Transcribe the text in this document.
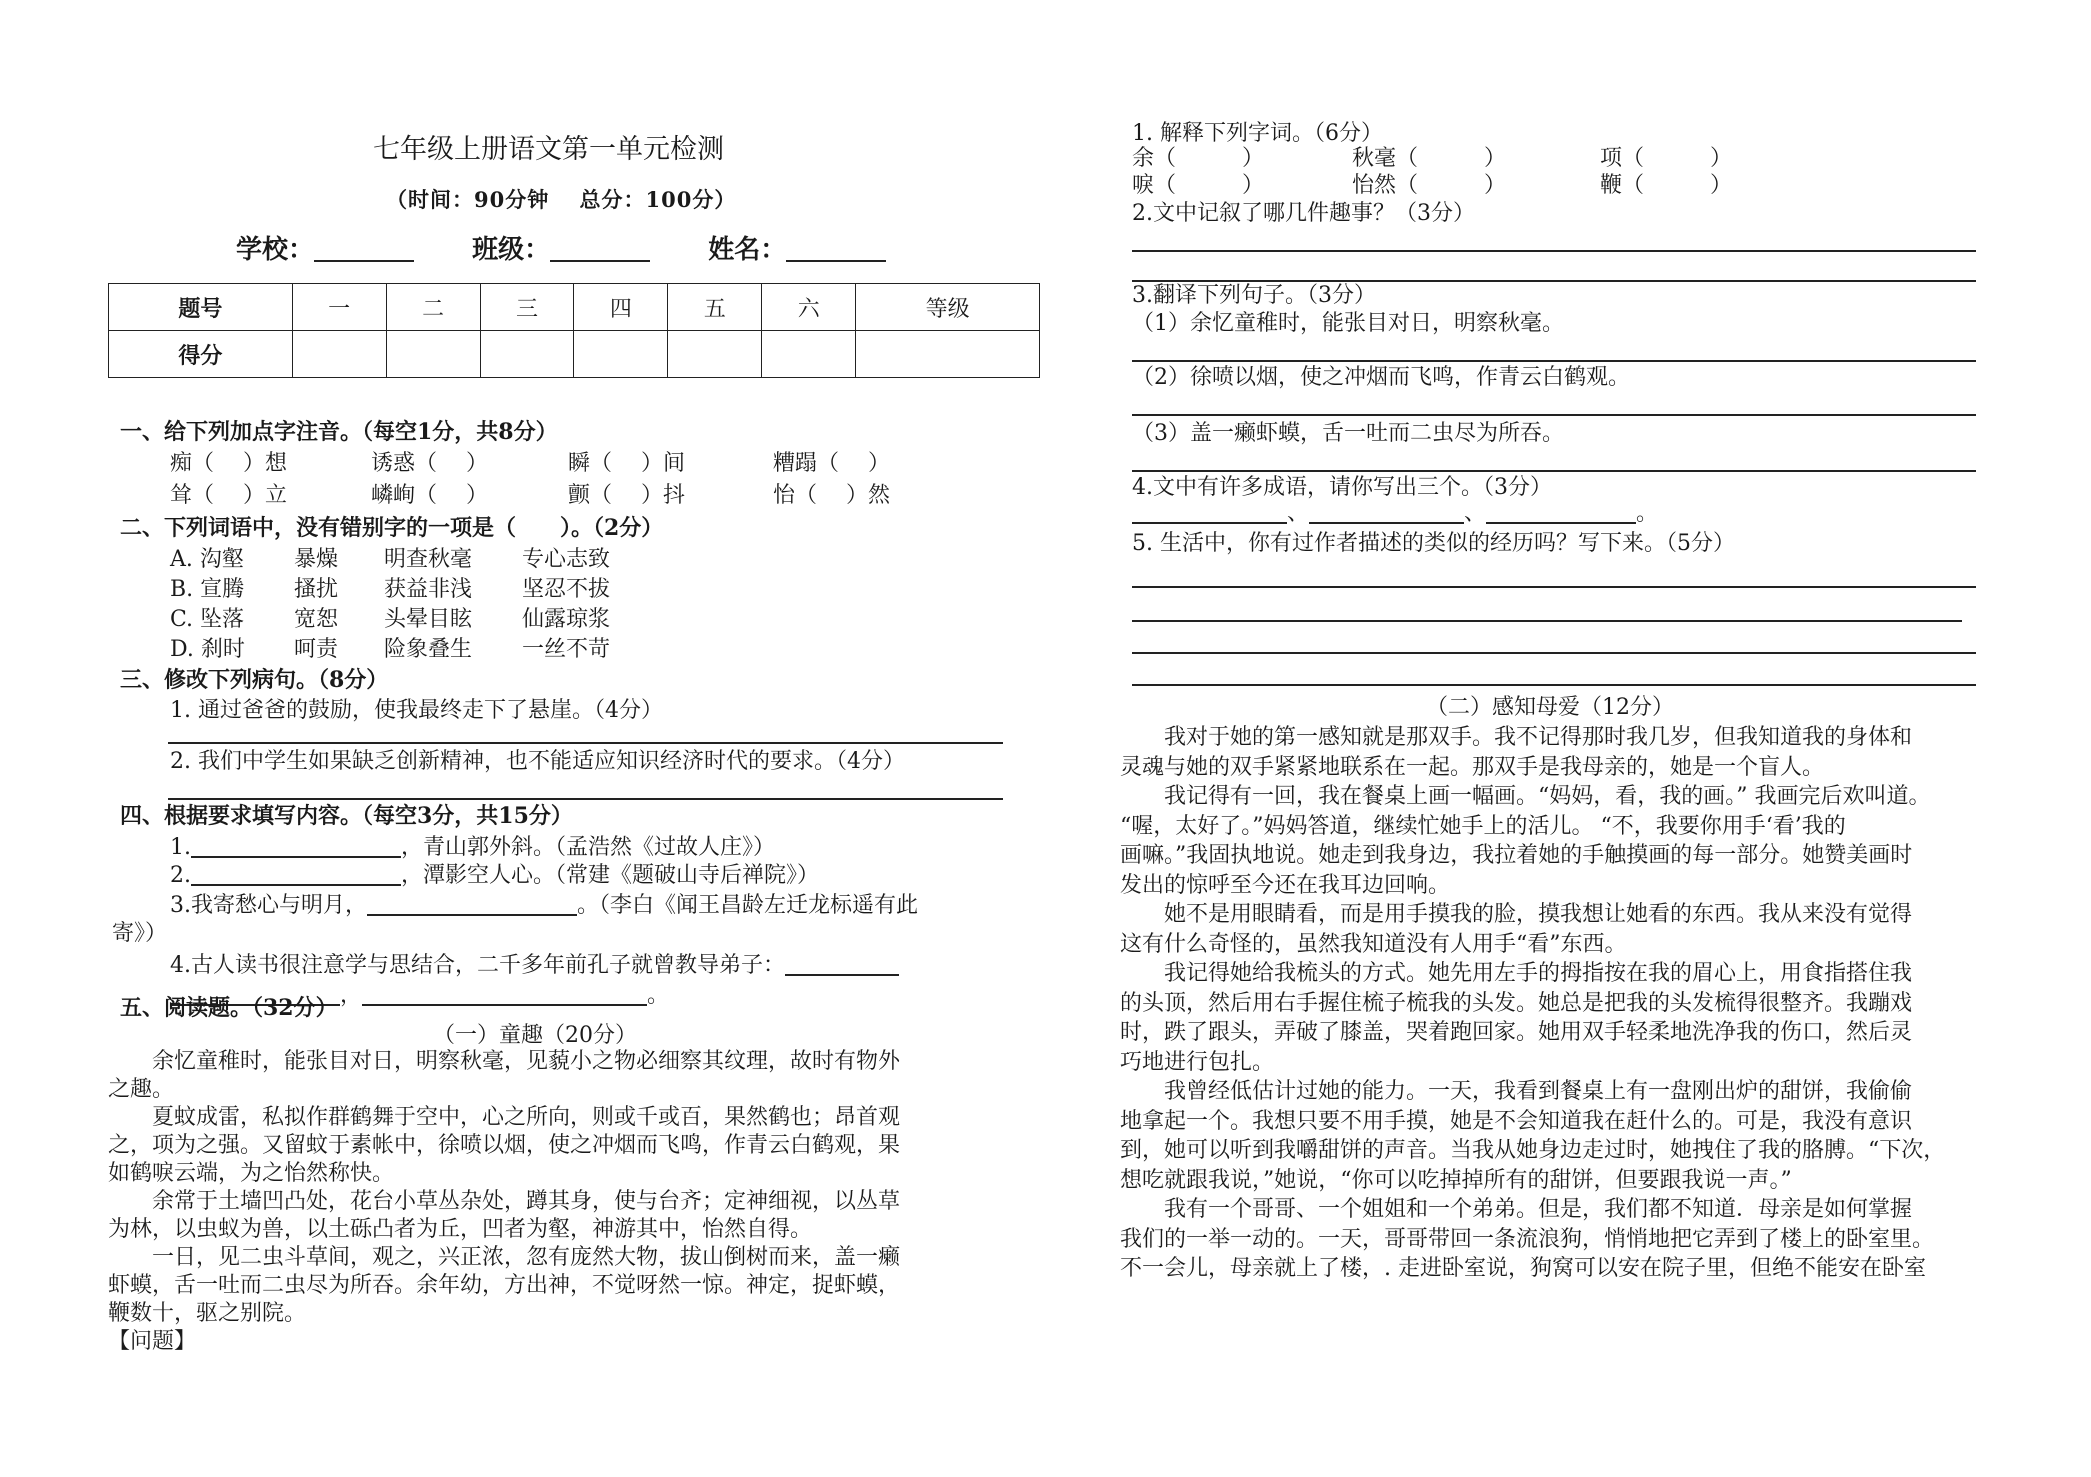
七年级上册语文第一单元检测
（时间：90分钟　 总分：100分）
学校：	班级：	姓名：
题号	一	二	三	四	五	六	等级
得分							
一、给下列加点字注音。（每空1分，共8分）
痴（　 ）想	诱惑（　 ）	瞬（　 ）间	糟蹋（　 ）
耸（　 ）立	嶙峋（　 ）	颤（　 ）抖	怡（　 ）然
二、下列词语中，没有错别字的一项是（　　）。（2分）
A. 沟壑 暴燥 明查秋毫 专心志致
B. 宣腾 搔扰 获益非浅 坚忍不拔
C. 坠落 宽恕 头晕目眩 仙露琼浆
D. 刹时 呵责 险象叠生 一丝不苛
三、修改下列病句。（8分）
1. 通过爸爸的鼓励，使我最终走下了悬崖。（4分）
2. 我们中学生如果缺乏创新精神，也不能适应知识经济时代的要求。（4分）
四、根据要求填写内容。（每空3分，共15分）
1.	，青山郭外斜。（孟浩然《过故人庄》）
2.	，潭影空人心。（常建《题破山寺后禅院》）
3.我寄愁心与明月，	。（李白《闻王昌龄左迁龙标遥有此
寄》）
4.古人读书很注意学与思结合，二千多年前孔子就曾教导弟子：
，	。
五、阅读题。（32分）
（一）童趣（20分）

余忆童稚时，能张目对日，明察秋毫，见藐小之物必细察其纹理，故时有物外

之趣。

夏蚊成雷，私拟作群鹤舞于空中，心之所向，则或千或百，果然鹤也；昂首观

之，项为之强。又留蚊于素帐中，徐喷以烟，使之冲烟而飞鸣，作青云白鹤观，果

如鹤唳云端，为之怡然称快。

余常于土墙凹凸处，花台小草丛杂处，蹲其身，使与台齐；定神细视，以丛草

为林，以虫蚁为兽，以土砾凸者为丘，凹者为壑，神游其中，怡然自得。

一日，见二虫斗草间，观之，兴正浓，忽有庞然大物，拔山倒树而来，盖一癞

虾蟆，舌一吐而二虫尽为所吞。余年幼，方出神，不觉呀然一惊。神定，捉虾蟆，

鞭数十，驱之别院。

【问题】

1. 解释下列字词。（6分）
余（　　　）	秋毫（　　　）	项（　　　）
唳（　　　）	怡然（　　　）	鞭（　　　）
2.文中记叙了哪几件趣事？（3分）
3.翻译下列句子。（3分）
（1）余忆童稚时，能张目对日，明察秋毫。
（2）徐喷以烟，使之冲烟而飞鸣，作青云白鹤观。
（3）盖一癞虾蟆，舌一吐而二虫尽为所吞。
4.文中有许多成语，请你写出三个。（3分）
、	、	。
5. 生活中，你有过作者描述的类似的经历吗？写下来。（5分）
（二）感知母爱（12分）

我对于她的第一感知就是那双手。我不记得那时我几岁，但我知道我的身体和

灵魂与她的双手紧紧地联系在一起。那双手是我母亲的，她是一个盲人。

我记得有一回，我在餐桌上画一幅画。“妈妈，看，我的画。” 我画完后欢叫道。

“喔，太好了。”妈妈答道，继续忙她手上的活儿。 “不，我要你用手‘看’我的

画嘛。”我固执地说。她走到我身边，我拉着她的手触摸画的每一部分。她赞美画时

发出的惊呼至今还在我耳边回响。

她不是用眼睛看，而是用手摸我的脸，摸我想让她看的东西。我从来没有觉得

这有什么奇怪的，虽然我知道没有人用手“看”东西。

我记得她给我梳头的方式。她先用左手的拇指按在我的眉心上，用食指搭住我

的头顶，然后用右手握住梳子梳我的头发。她总是把我的头发梳得很整齐。我蹦戏

时，跌了跟头，弄破了膝盖，哭着跑回家。她用双手轻柔地洗净我的伤口，然后灵

巧地进行包扎。

我曾经低估计过她的能力。一天，我看到餐桌上有一盘刚出炉的甜饼，我偷偷

地拿起一个。我想只要不用手摸，她是不会知道我在赶什么的。可是，我没有意识

到，她可以听到我嚼甜饼的声音。当我从她身边走过时，她拽住了我的胳膊。“下次，

想吃就跟我说，”她说，“你可以吃掉掉所有的甜饼，但要跟我说一声。”

我有一个哥哥、一个姐姐和一个弟弟。但是，我们都不知道．母亲是如何掌握

我们的一举一动的。一天，哥哥带回一条流浪狗，悄悄地把它弄到了楼上的卧室里。

不一会儿，母亲就上了楼，. 走进卧室说，狗窝可以安在院子里，但绝不能安在卧室
